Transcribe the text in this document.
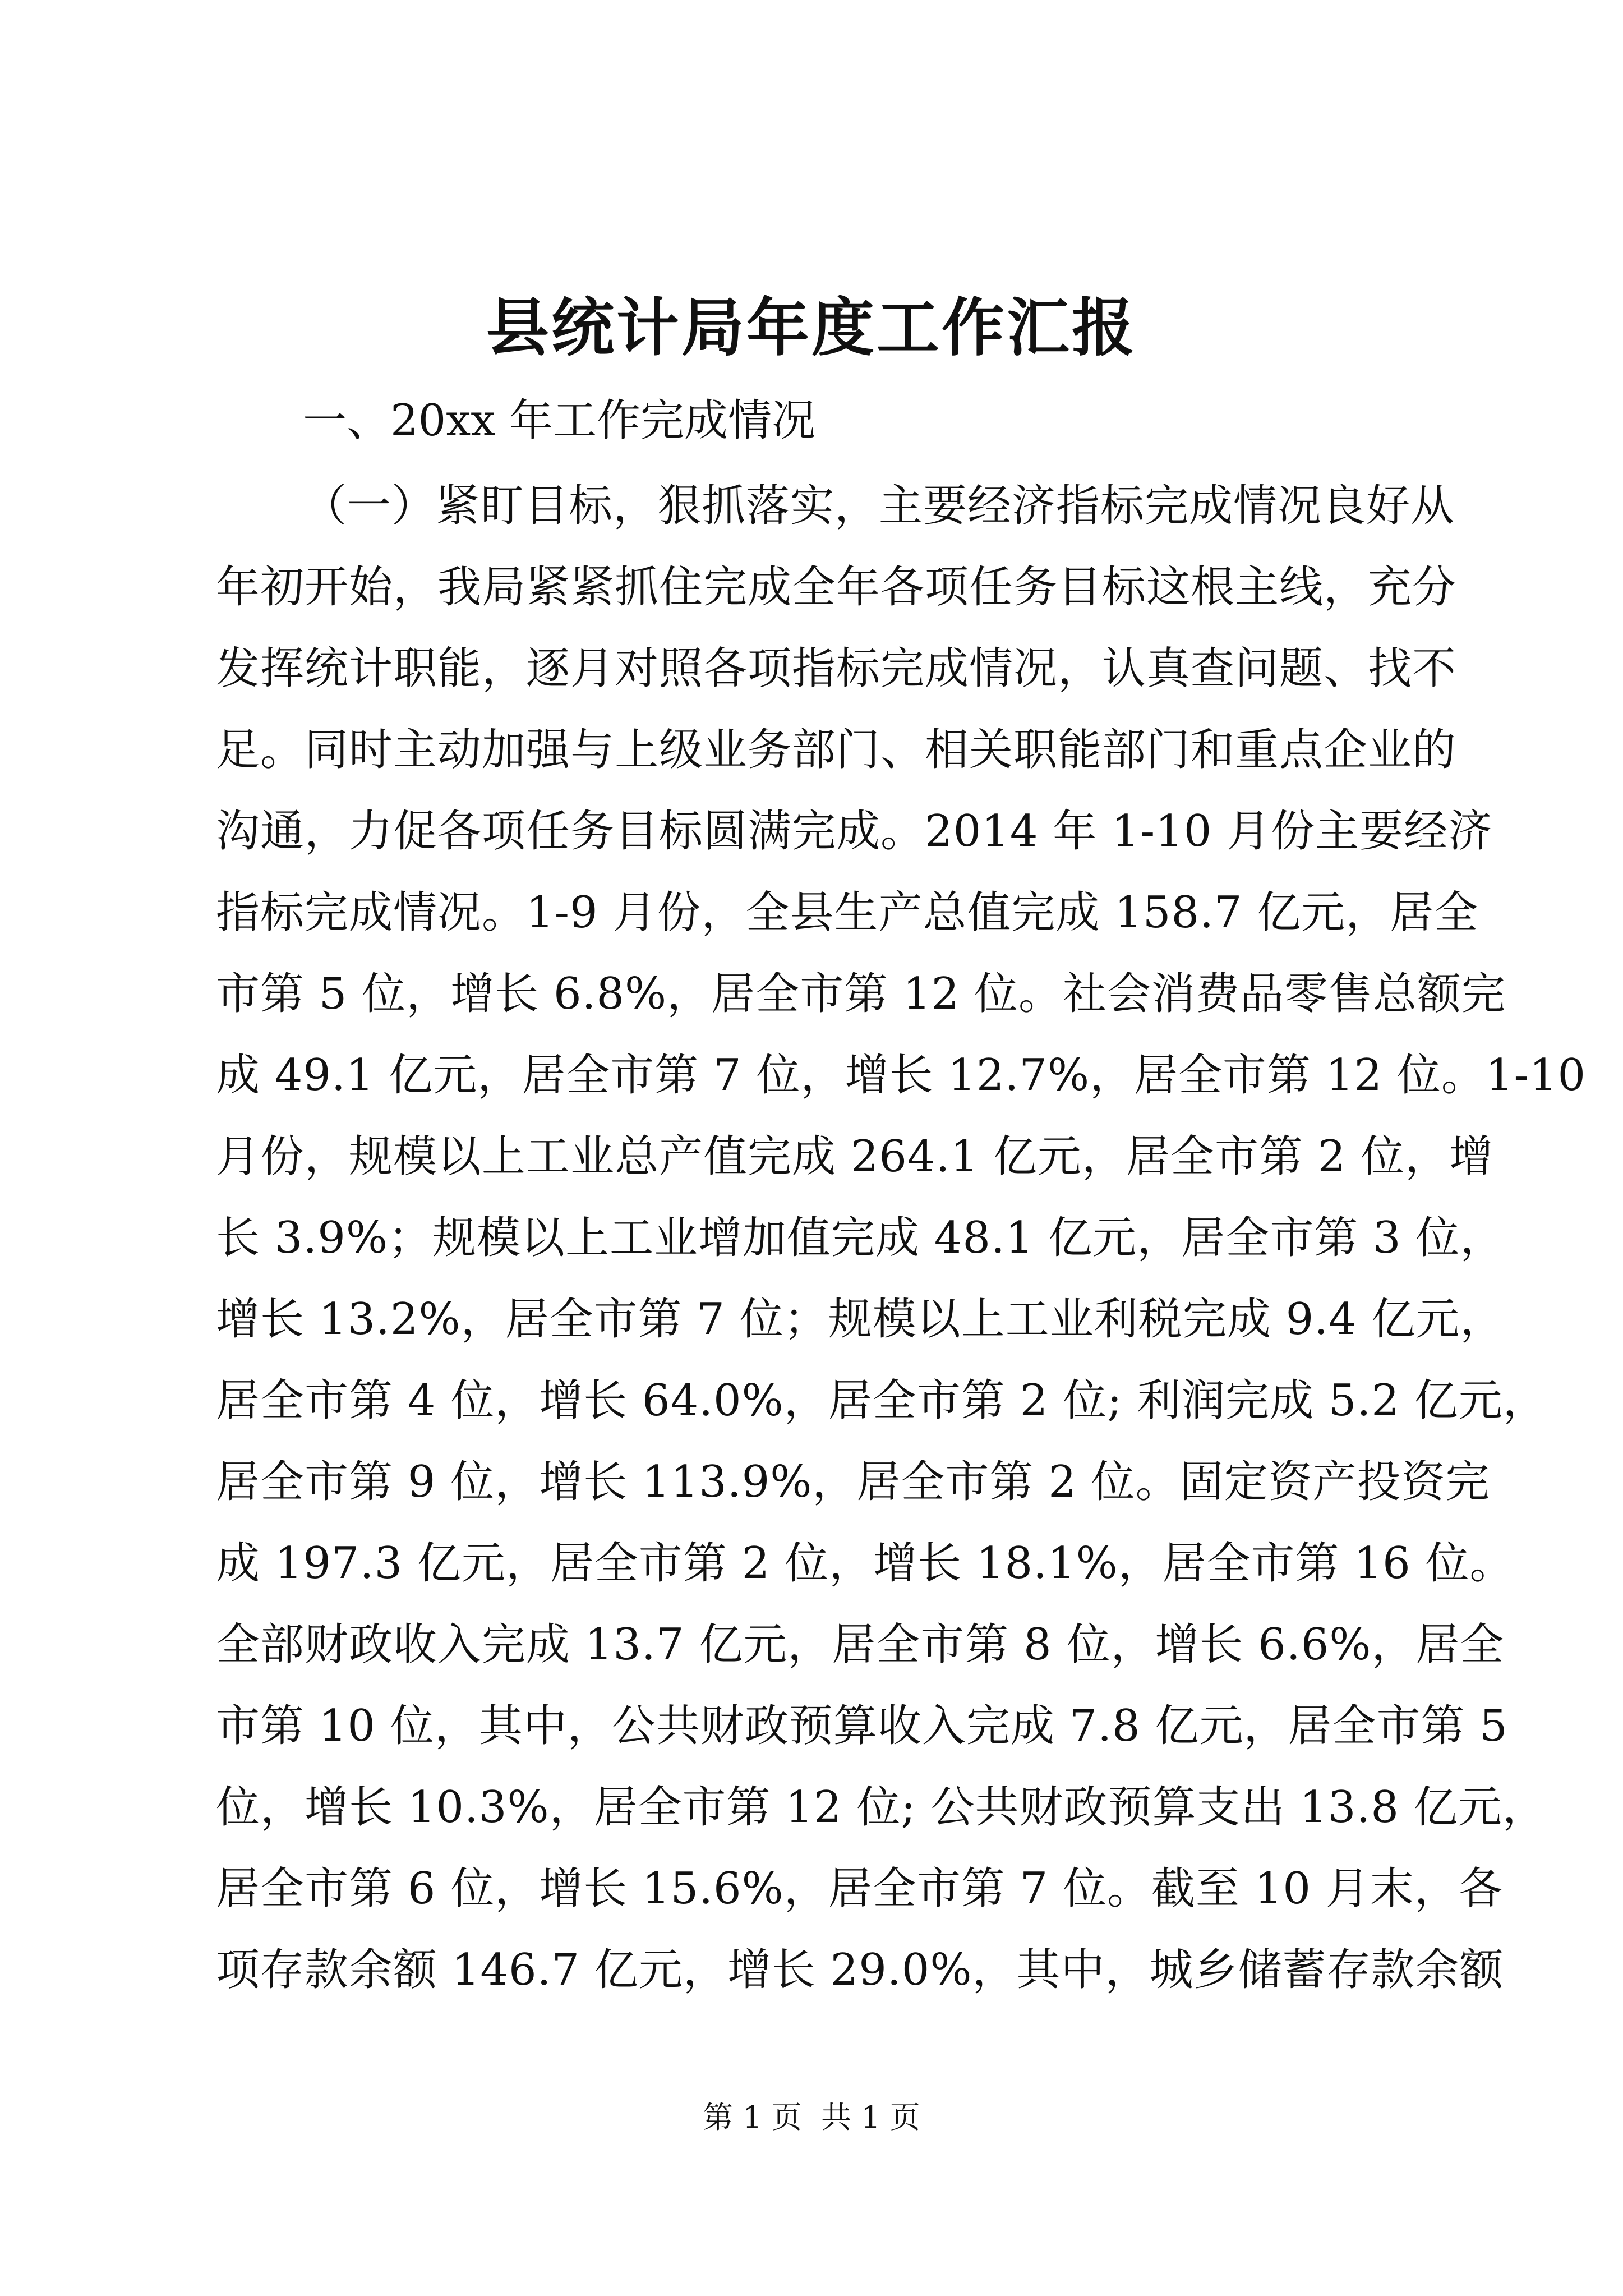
县统计局年度工作汇报
一、20xx 年工作完成情况
（一）紧盯目标，狠抓落实，主要经济指标完成情况良好从
年初开始，我局紧紧抓住完成全年各项任务目标这根主线，充分
发挥统计职能，逐月对照各项指标完成情况，认真查问题、找不
足。同时主动加强与上级业务部门、相关职能部门和重点企业的
沟通，力促各项任务目标圆满完成。2014 年 1-10 月份主要经济
指标完成情况。1-9 月份，全县生产总值完成 158.7 亿元，居全
市第 5 位，增长 6.8%，居全市第 12 位。社会消费品零售总额完
成 49.1 亿元，居全市第 7 位，增长 12.7%，居全市第 12 位。1-10
月份，规模以上工业总产值完成 264.1 亿元，居全市第 2 位，增
长 3.9%；规模以上工业增加值完成 48.1 亿元，居全市第 3 位，
增长 13.2%，居全市第 7 位；规模以上工业利税完成 9.4 亿元，
居全市第 4 位，增长 64.0%，居全市第 2 位; 利润完成 5.2 亿元，
居全市第 9 位，增长 113.9%，居全市第 2 位。固定资产投资完
成 197.3 亿元，居全市第 2 位，增长 18.1%，居全市第 16 位。
全部财政收入完成 13.7 亿元，居全市第 8 位，增长 6.6%，居全
市第 10 位，其中，公共财政预算收入完成 7.8 亿元，居全市第 5
位，增长 10.3%，居全市第 12 位; 公共财政预算支出 13.8 亿元，
居全市第 6 位，增长 15.6%，居全市第 7 位。截至 10 月末，各
项存款余额 146.7 亿元，增长 29.0%，其中，城乡储蓄存款余额
第 1 页  共 1 页
